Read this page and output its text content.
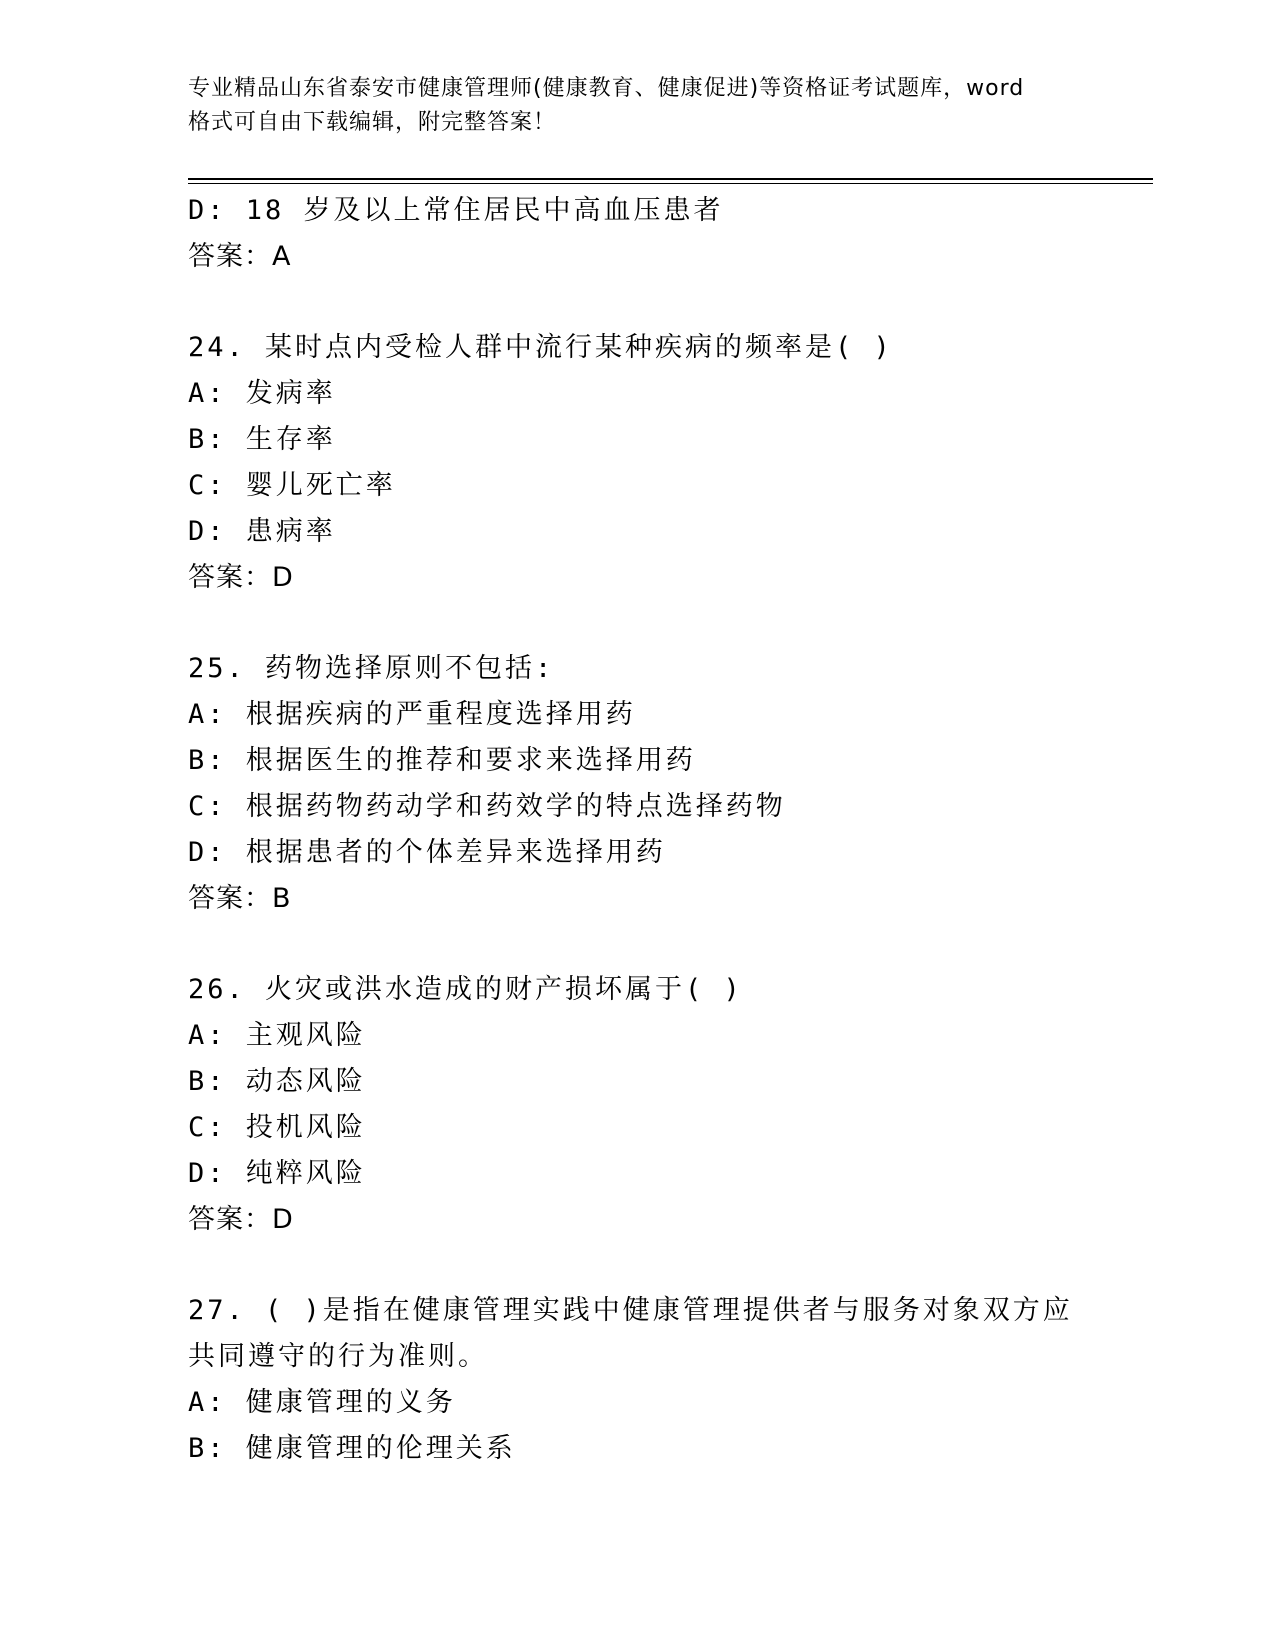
专业精品山东省泰安市健康管理师(健康教育、健康促进)等资格证考试题库，word
格式可自由下载编辑，附完整答案！
D: 18 岁及以上常住居民中高血压患者
答案：A
24. 某时点内受检人群中流行某种疾病的频率是( )
A: 发病率
B: 生存率
C: 婴儿死亡率
D: 患病率
答案：D
25. 药物选择原则不包括:
A: 根据疾病的严重程度选择用药
B: 根据医生的推荐和要求来选择用药
C: 根据药物药动学和药效学的特点选择药物
D: 根据患者的个体差异来选择用药
答案：B
26. 火灾或洪水造成的财产损坏属于( )
A: 主观风险
B: 动态风险
C: 投机风险
D: 纯粹风险
答案：D
27. ( )是指在健康管理实践中健康管理提供者与服务对象双方应
共同遵守的行为准则。
A: 健康管理的义务
B: 健康管理的伦理关系
